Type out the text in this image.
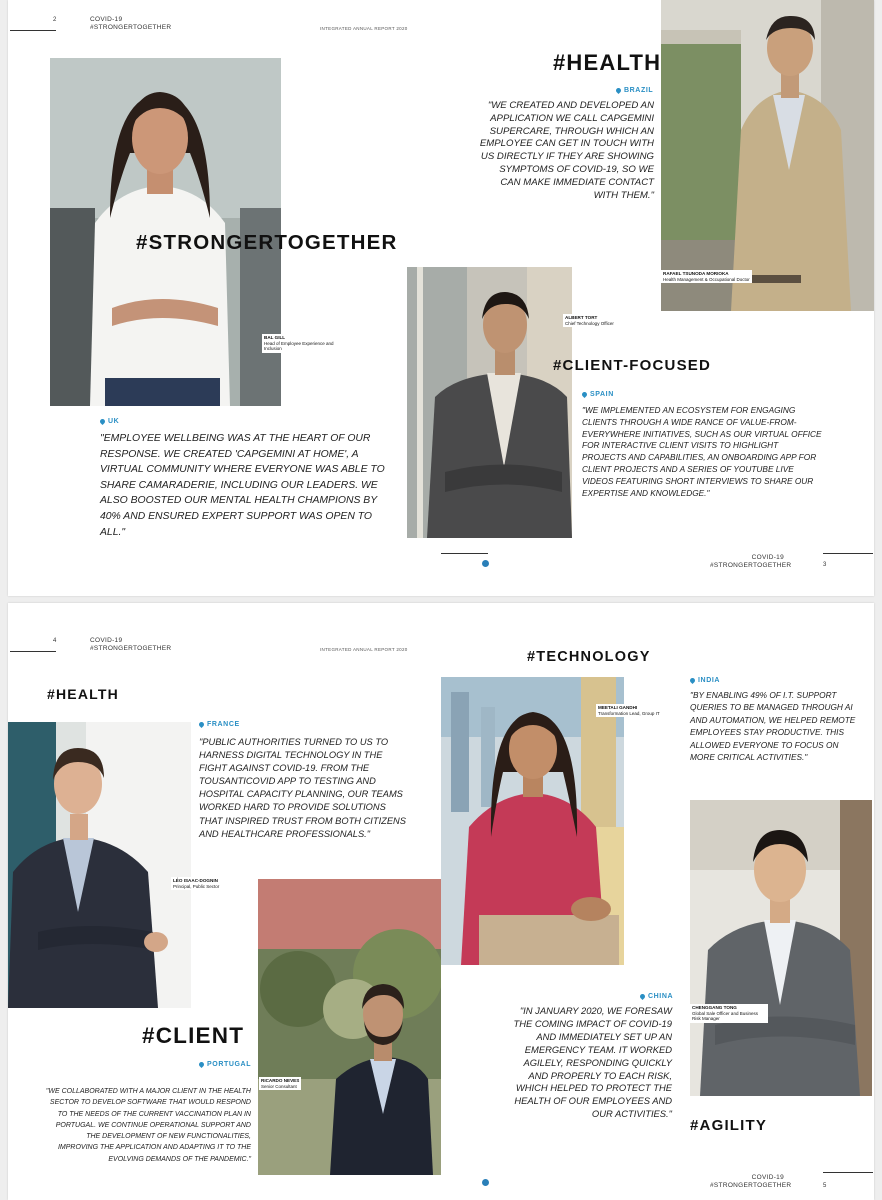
2	COVID-19
#STRONGERTOGETHER	INTEGRATED ANNUAL REPORT 2020
#HEALTH
BRAZIL
"WE CREATED AND DEVELOPED AN APPLICATION WE CALL CAPGEMINI SUPERCARE, THROUGH WHICH AN EMPLOYEE CAN GET IN TOUCH WITH US DIRECTLY IF THEY ARE SHOWING SYMPTOMS OF COVID-19, SO WE CAN MAKE IMMEDIATE CONTACT WITH THEM."
RAFAEL TSUNODA MORIOKA
Health Management & Occupational Doctor
BAL GILL
Head of Employee Experience and Inclusion
#STRONGERTOGETHER
UK
"EMPLOYEE WELLBEING WAS AT THE HEART OF OUR RESPONSE. WE CREATED 'CAPGEMINI AT HOME', A VIRTUAL COMMUNITY WHERE EVERYONE WAS ABLE TO SHARE CAMARADERIE, INCLUDING OUR LEADERS. WE ALSO BOOSTED OUR MENTAL HEALTH CHAMPIONS BY 40% AND ENSURED EXPERT SUPPORT WAS OPEN TO ALL."
ALBERT TORT
Chief Technology Officer
#CLIENT-FOCUSED
SPAIN
"WE IMPLEMENTED AN ECOSYSTEM FOR ENGAGING CLIENTS THROUGH A WIDE RANCE OF VALUE-FROM-EVERYWHERE INITIATIVES, SUCH AS OUR VIRTUAL OFFICE FOR INTERACTIVE CLIENT VISITS TO HIGHLIGHT PROJECTS AND CAPABILITIES, AN ONBOARDING APP FOR CLIENT PROJECTS AND A SERIES OF YOUTUBE LIVE VIDEOS FEATURING SHORT INTERVIEWS TO SHARE OUR EXPERTISE AND KNOWLEDGE."
COVID-19
#STRONGERTOGETHER	3
4	COVID-19
#STRONGERTOGETHER	INTEGRATED ANNUAL REPORT 2020	#TECHNOLOGY
#HEALTH
LÉO ISAAC-DOGNIN
Principal, Public Sector
FRANCE
"PUBLIC AUTHORITIES TURNED TO US TO HARNESS DIGITAL TECHNOLOGY IN THE FIGHT AGAINST COVID-19. FROM THE TOUSANTICOVID APP TO TESTING AND HOSPITAL CAPACITY PLANNING, OUR TEAMS WORKED HARD TO PROVIDE SOLUTIONS THAT INSPIRED TRUST FROM BOTH CITIZENS AND HEALTHCARE PROFESSIONALS."
MEETALI GANDHI
Transformation Lead, Group IT
INDIA
"BY ENABLING 49% OF I.T. SUPPORT QUERIES TO BE MANAGED THROUGH AI AND AUTOMATION, WE HELPED REMOTE EMPLOYEES STAY PRODUCTIVE. THIS ALLOWED EVERYONE TO FOCUS ON MORE CRITICAL ACTIVITIES."
RICARDO NEVES
Senior Consultant
#CLIENT
PORTUGAL
"WE COLLABORATED WITH A MAJOR CLIENT IN THE HEALTH SECTOR TO DEVELOP SOFTWARE THAT WOULD RESPOND TO THE NEEDS OF THE CURRENT VACCINATION PLAN IN PORTUGAL. WE CONTINUE OPERATIONAL SUPPORT AND THE DEVELOPMENT OF NEW FUNCTIONALITIES, IMPROVING THE APPLICATION AND ADAPTING IT TO THE EVOLVING DEMANDS OF THE PANDEMIC."
CHENGGANG TONG
Global Sale Officer and Business Risk Manager
CHINA
"IN JANUARY 2020, WE FORESAW THE COMING IMPACT OF COVID-19 AND IMMEDIATELY SET UP AN EMERGENCY TEAM. IT WORKED AGILELY, RESPONDING QUICKLY AND PROPERLY TO EACH RISK, WHICH HELPED TO PROTECT THE HEALTH OF OUR EMPLOYEES AND OUR ACTIVITIES."
#AGILITY
COVID-19
#STRONGERTOGETHER	5
